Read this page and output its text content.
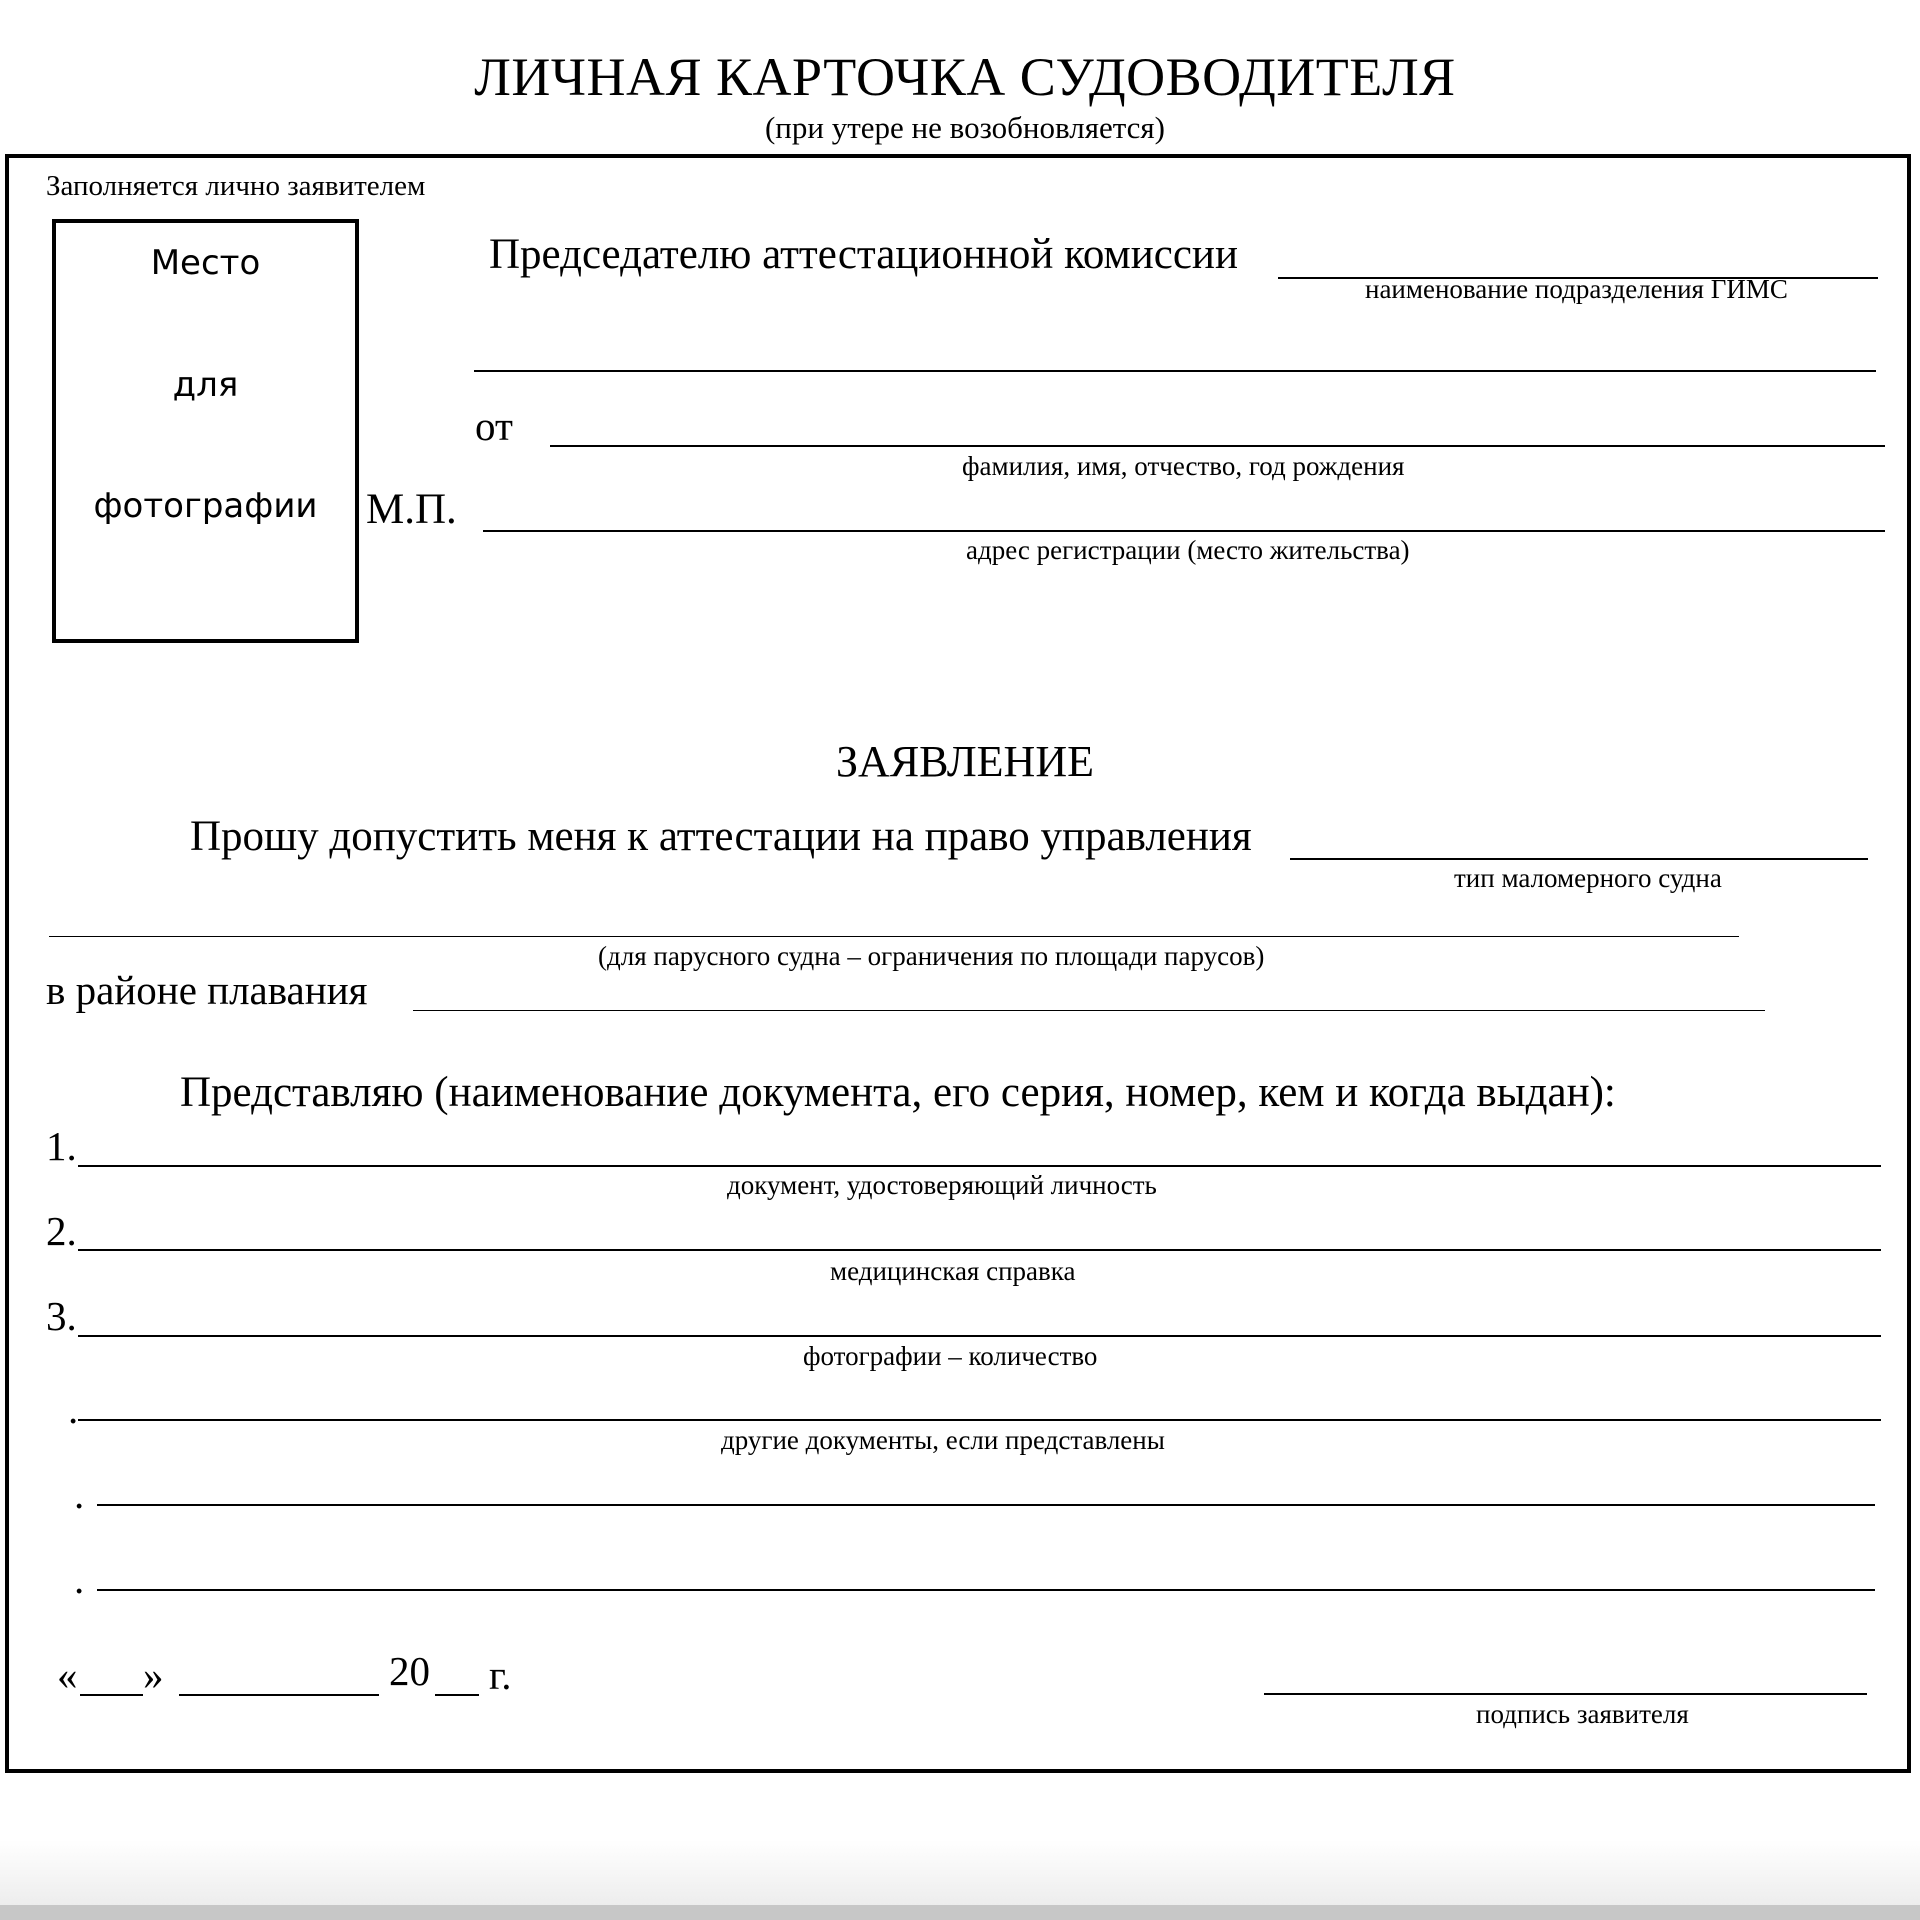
ЛИЧНАЯ КАРТОЧКА СУДОВОДИТЕЛЯ
(при утере не возобновляется)
Заполняется лично заявителем
Место
для
фотографии	М.П.
Председателю аттестационной комиссии
наименование подразделения ГИМС
от
фамилия, имя, отчество, год рождения
адрес регистрации (место жительства)
ЗАЯВЛЕНИЕ
Прошу допустить меня к аттестации на право управления
тип маломерного судна
(для парусного судна – ограничения по площади парусов)
в районе плавания
Представляю (наименование документа, его серия, номер, кем и когда выдан):
1.
документ, удостоверяющий личность
2.
медицинская справка
3.
фотографии – количество
.
другие документы, если представлены
.
.
« »	20 г.
подпись заявителя
